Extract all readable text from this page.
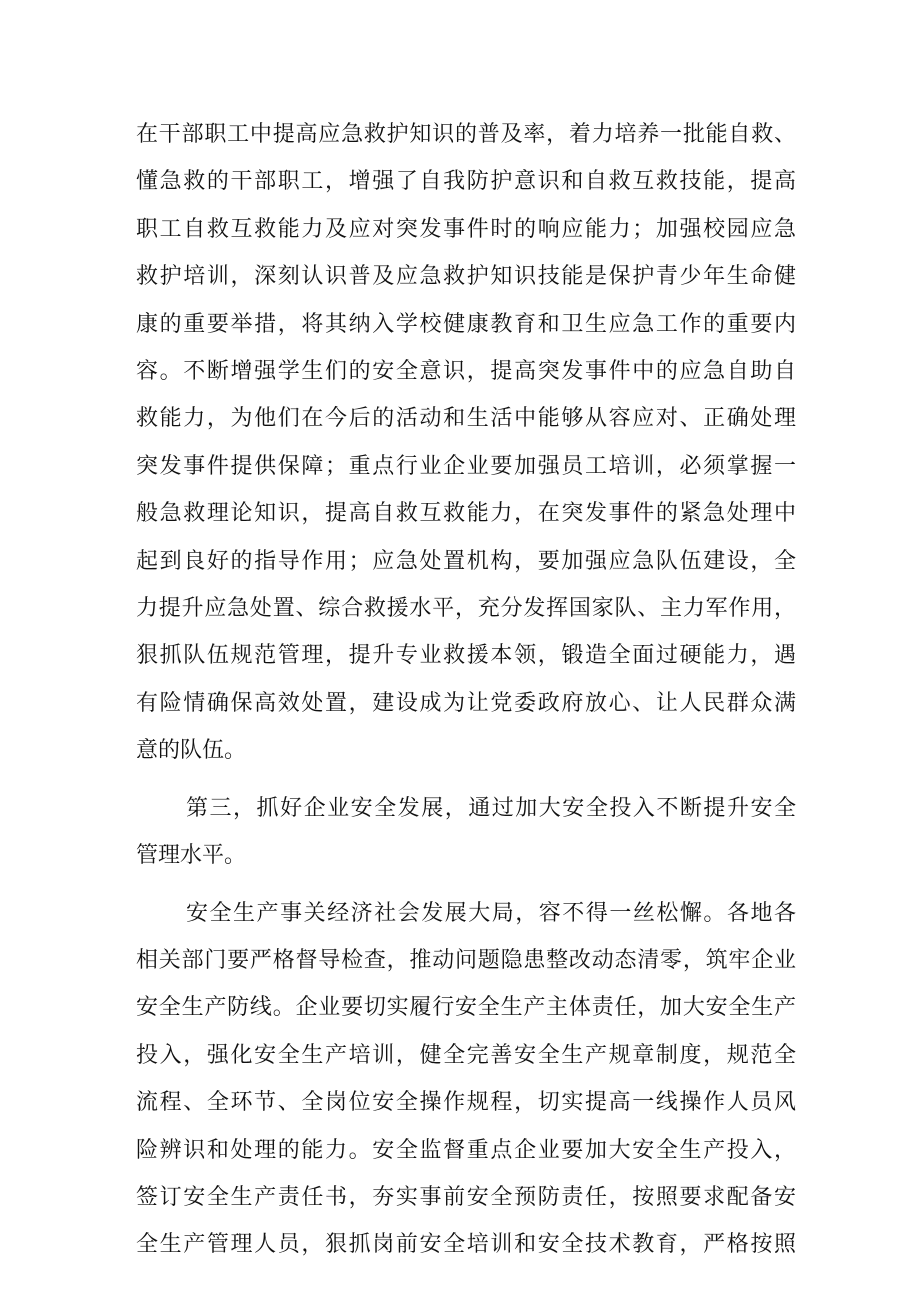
在干部职工中提高应急救护知识的普及率，着力培养一批能自救、
懂急救的干部职工，增强了自我防护意识和自救互救技能，提高
职工自救互救能力及应对突发事件时的响应能力；加强校园应急
救护培训，深刻认识普及应急救护知识技能是保护青少年生命健
康的重要举措，将其纳入学校健康教育和卫生应急工作的重要内
容。不断增强学生们的安全意识，提高突发事件中的应急自助自
救能力，为他们在今后的活动和生活中能够从容应对、正确处理
突发事件提供保障；重点行业企业要加强员工培训，必须掌握一
般急救理论知识，提高自救互救能力，在突发事件的紧急处理中
起到良好的指导作用；应急处置机构，要加强应急队伍建设，全
力提升应急处置、综合救援水平，充分发挥国家队、主力军作用，
狠抓队伍规范管理，提升专业救援本领，锻造全面过硬能力，遇
有险情确保高效处置，建设成为让党委政府放心、让人民群众满
意的队伍。
第三，抓好企业安全发展，通过加大安全投入不断提升安全
管理水平。
安全生产事关经济社会发展大局，容不得一丝松懈。各地各
相关部门要严格督导检查，推动问题隐患整改动态清零，筑牢企业
安全生产防线。企业要切实履行安全生产主体责任，加大安全生产
投入，强化安全生产培训，健全完善安全生产规章制度，规范全
流程、全环节、全岗位安全操作规程，切实提高一线操作人员风
险辨识和处理的能力。安全监督重点企业要加大安全生产投入，
签订安全生产责任书，夯实事前安全预防责任，按照要求配备安
全生产管理人员，狠抓岗前安全培训和安全技术教育，严格按照
